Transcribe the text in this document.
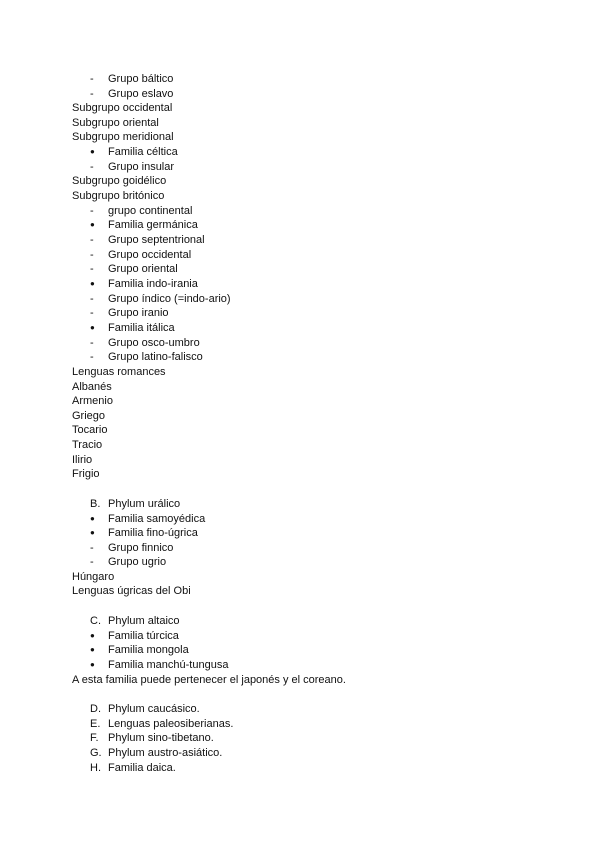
-	Grupo báltico
-	Grupo eslavo
Subgrupo occidental
Subgrupo oriental
Subgrupo meridional
●	Familia céltica
-	Grupo insular
Subgrupo goidélico
Subgrupo britónico
-	grupo continental
●	Familia germánica
-	Grupo septentrional
-	Grupo occidental
-	Grupo oriental
●	Familia indo-irania
-	Grupo índico (=indo-ario)
-	Grupo iranio
●	Familia itálica
-	Grupo osco-umbro
-	Grupo latino-falisco
Lenguas romances
Albanés
Armenio
Griego
Tocario
Tracio
Ilirio
Frigio
B. Phylum urálico
●	Familia samoyédica
●	Familia fino-úgrica
-	Grupo finnico
-	Grupo ugrio
Húngaro
Lenguas úgricas del Obi
C. Phylum altaico
●	Familia túrcica
●	Familia mongola
●	Familia manchú-tungusa
A esta familia puede pertenecer el japonés y el coreano.
D. Phylum caucásico.
E. Lenguas paleosiberianas.
F. Phylum sino-tibetano.
G. Phylum austro-asiático.
H. Familia daica.
